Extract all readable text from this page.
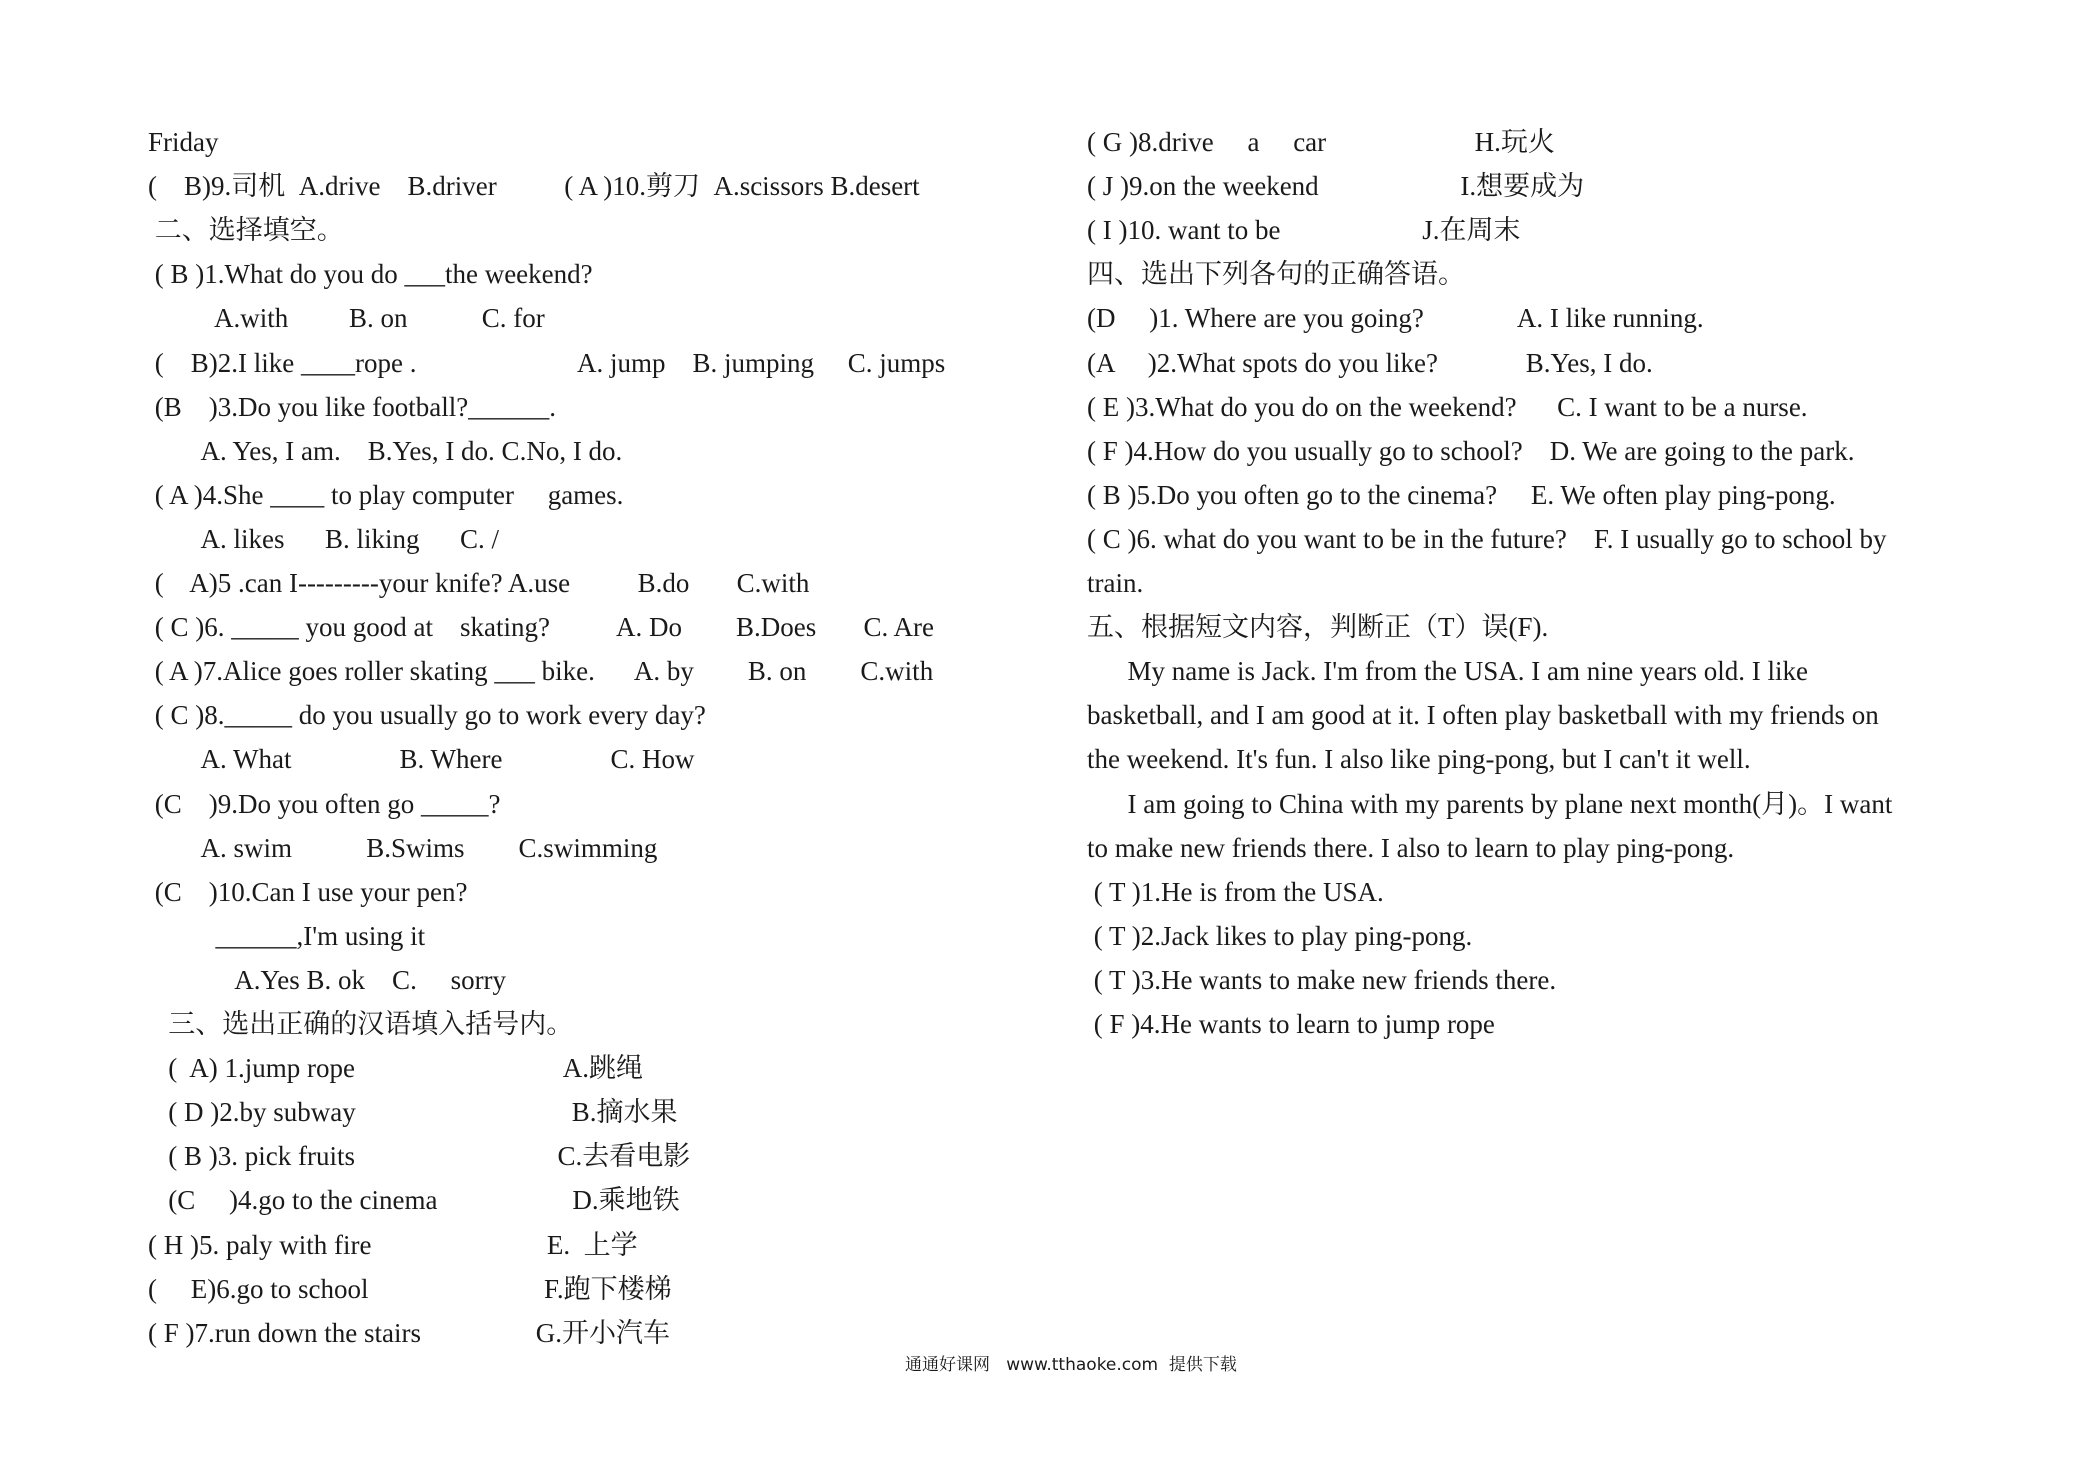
Friday
(    B)9.司机  A.drive    B.driver          ( A )10.剪刀  A.scissors B.desert
二、选择填空。
( B )1.What do you do ___the weekend?
A.with         B. on           C. for
(    B)2.I like ____rope .                        A. jump    B. jumping     C. jumps
(B    )3.Do you like football?______.
A. Yes, I am.    B.Yes, I do. C.No, I do.
( A )4.She ____ to play computer     games.
A. likes      B. liking      C. /
(    A)5 .can I---------your knife? A.use          B.do       C.with
( C )6. _____ you good at    skating?          A. Do        B.Does       C. Are
( A )7.Alice goes roller skating ___ bike.      A. by        B. on        C.with
( C )8._____ do you usually go to work every day?
A. What                B. Where                C. How
(C    )9.Do you often go _____?
A. swim           B.Swims        C.swimming
(C    )10.Can I use your pen?
______,I'm using it
A.Yes B. ok    C.     sorry
三、选出正确的汉语填入括号内。
(  A) 1.jump rope                               A.跳绳
( D )2.by subway                                B.摘水果
( B )3. pick fruits                              C.去看电影
(C     )4.go to the cinema                    D.乘地铁
( H )5. paly with fire                          E.  上学
(     E)6.go to school                          F.跑下楼梯
( F )7.run down the stairs                 G.开小汽车
( G )8.drive     a     car                      H.玩火
( J )9.on the weekend                     I.想要成为
( I )10. want to be                     J.在周末
四、选出下列各句的正确答语。
(D     )1. Where are you going?              A. I like running.
(A     )2.What spots do you like?             B.Yes, I do.
( E )3.What do you do on the weekend?      C. I want to be a nurse.
( F )4.How do you usually go to school?    D. We are going to the park.
( B )5.Do you often go to the cinema?     E. We often play ping-pong.
( C )6. what do you want to be in the future?    F. I usually go to school by
train.
五、根据短文内容，判断正（T）误(F).
My name is Jack. I'm from the USA. I am nine years old. I like
basketball, and I am good at it. I often play basketball with my friends on
the weekend. It's fun. I also like ping-pong, but I can't it well.
I am going to China with my parents by plane next month(月)。I want
to make new friends there. I also to learn to play ping-pong.
( T )1.He is from the USA.
( T )2.Jack likes to play ping-pong.
( T )3.He wants to make new friends there.
( F )4.He wants to learn to jump rope
通通好课网   www.tthaoke.com  提供下载
